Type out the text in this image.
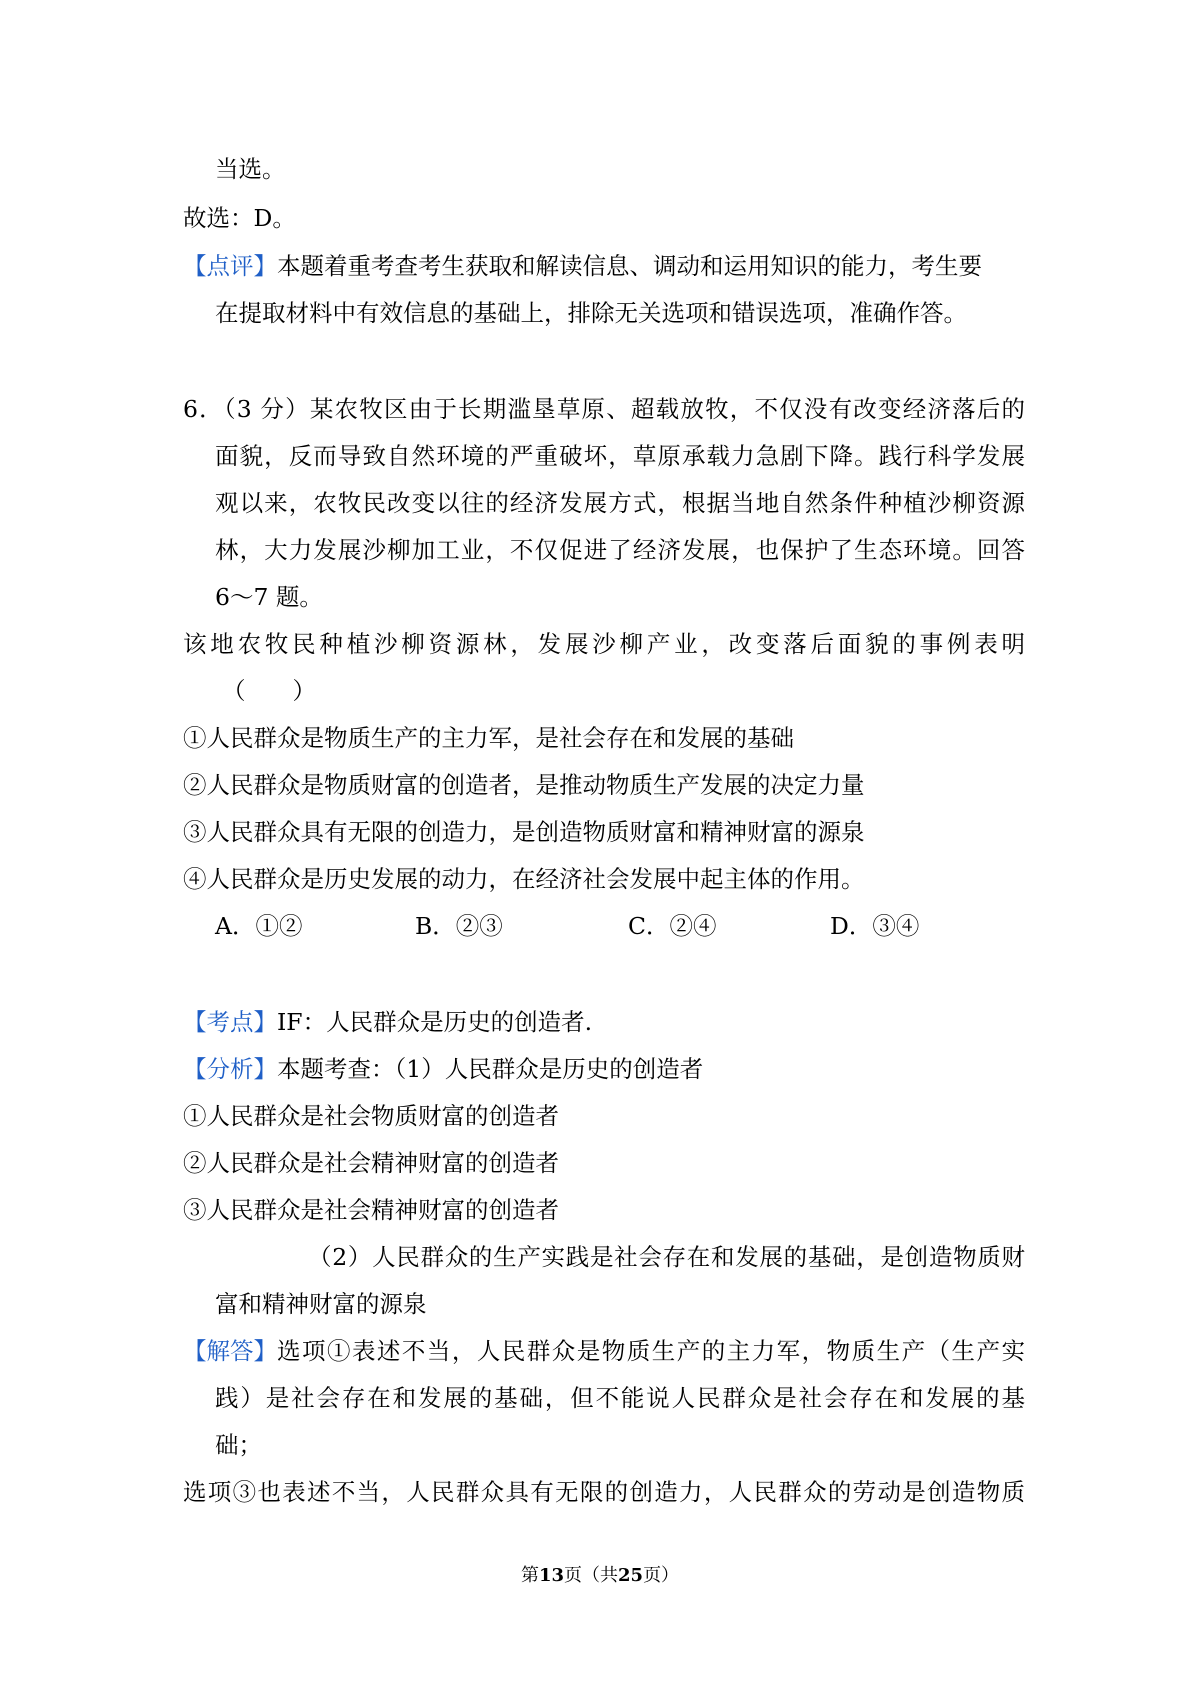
当选。
故选：D。
【点评】本题着重考查考生获取和解读信息、调动和运用知识的能力，考生要
在提取材料中有效信息的基础上，排除无关选项和错误选项，准确作答。
6．（3 分）某农牧区由于长期滥垦草原、超载放牧，不仅没有改变经济落后的
面貌，反而导致自然环境的严重破坏，草原承载力急剧下降。践行科学发展
观以来，农牧民改变以往的经济发展方式，根据当地自然条件种植沙柳资源
林，大力发展沙柳加工业，不仅促进了经济发展，也保护了生态环境。回答
6～7 题。
该地农牧民种植沙柳资源林，发展沙柳产业，改变落后面貌的事例表明
（　　）
①人民群众是物质生产的主力军，是社会存在和发展的基础
②人民群众是物质财富的创造者，是推动物质生产发展的决定力量
③人民群众具有无限的创造力，是创造物质财富和精神财富的源泉
④人民群众是历史发展的动力，在经济社会发展中起主体的作用。
A．①②	B．②③	C．②④	D．③④
【考点】IF：人民群众是历史的创造者.
【分析】本题考查：（1）人民群众是历史的创造者
①人民群众是社会物质财富的创造者
②人民群众是社会精神财富的创造者
③人民群众是社会精神财富的创造者
（2）人民群众的生产实践是社会存在和发展的基础，是创造物质财
富和精神财富的源泉
【解答】 选项①表述不当，人民群众是物质生产的主力军，物质生产（生产实
践）是社会存在和发展的基础，但不能说人民群众是社会存在和发展的基
础；
选项③也表述不当，人民群众具有无限的创造力，人民群众的劳动是创造物质
第13页（共25页）
